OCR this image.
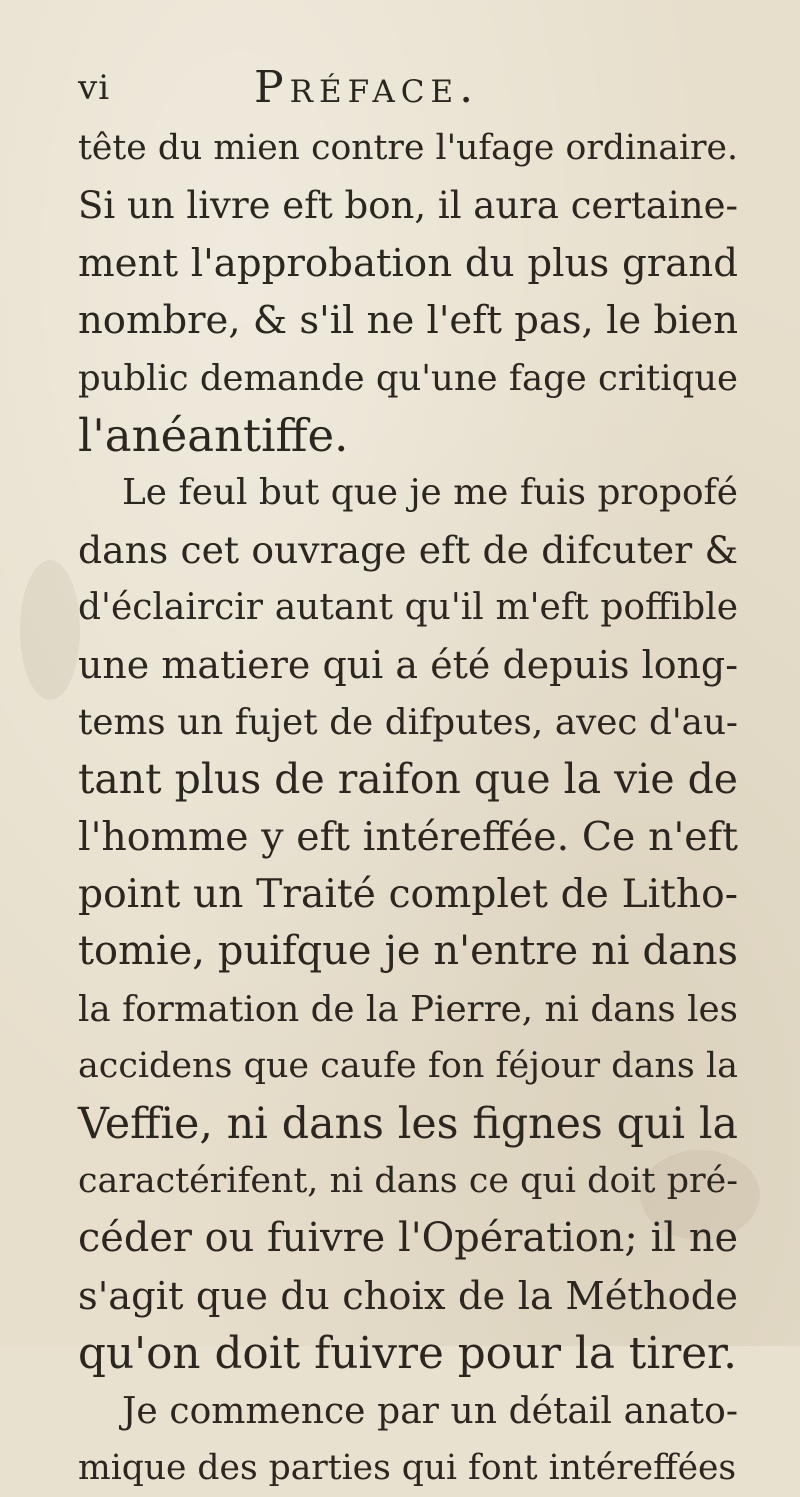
vi	Préface.
tête du mien contre l'ufage ordinaire.
Si un livre eft bon, il aura certaine-
ment l'approbation du plus grand
nombre, & s'il ne l'eft pas, le bien
public demande qu'une fage critique
l'anéantiffe.
Le feul but que je me fuis propofé
dans cet ouvrage eft de difcuter &
d'éclaircir autant qu'il m'eft poffible
une matiere qui a été depuis long-
tems un fujet de difputes, avec d'au-
tant plus de raifon que la vie de
l'homme y eft intéreffée. Ce n'eft
point un Traité complet de Litho-
tomie, puifque je n'entre ni dans
la formation de la Pierre, ni dans les
accidens que caufe fon féjour dans la
Veffie, ni dans les fignes qui la
caractérifent, ni dans ce qui doit pré-
céder ou fuivre l'Opération; il ne
s'agit que du choix de la Méthode
qu'on doit fuivre pour la tirer.
Je commence par un détail anato-
mique des parties qui font intéreffées
